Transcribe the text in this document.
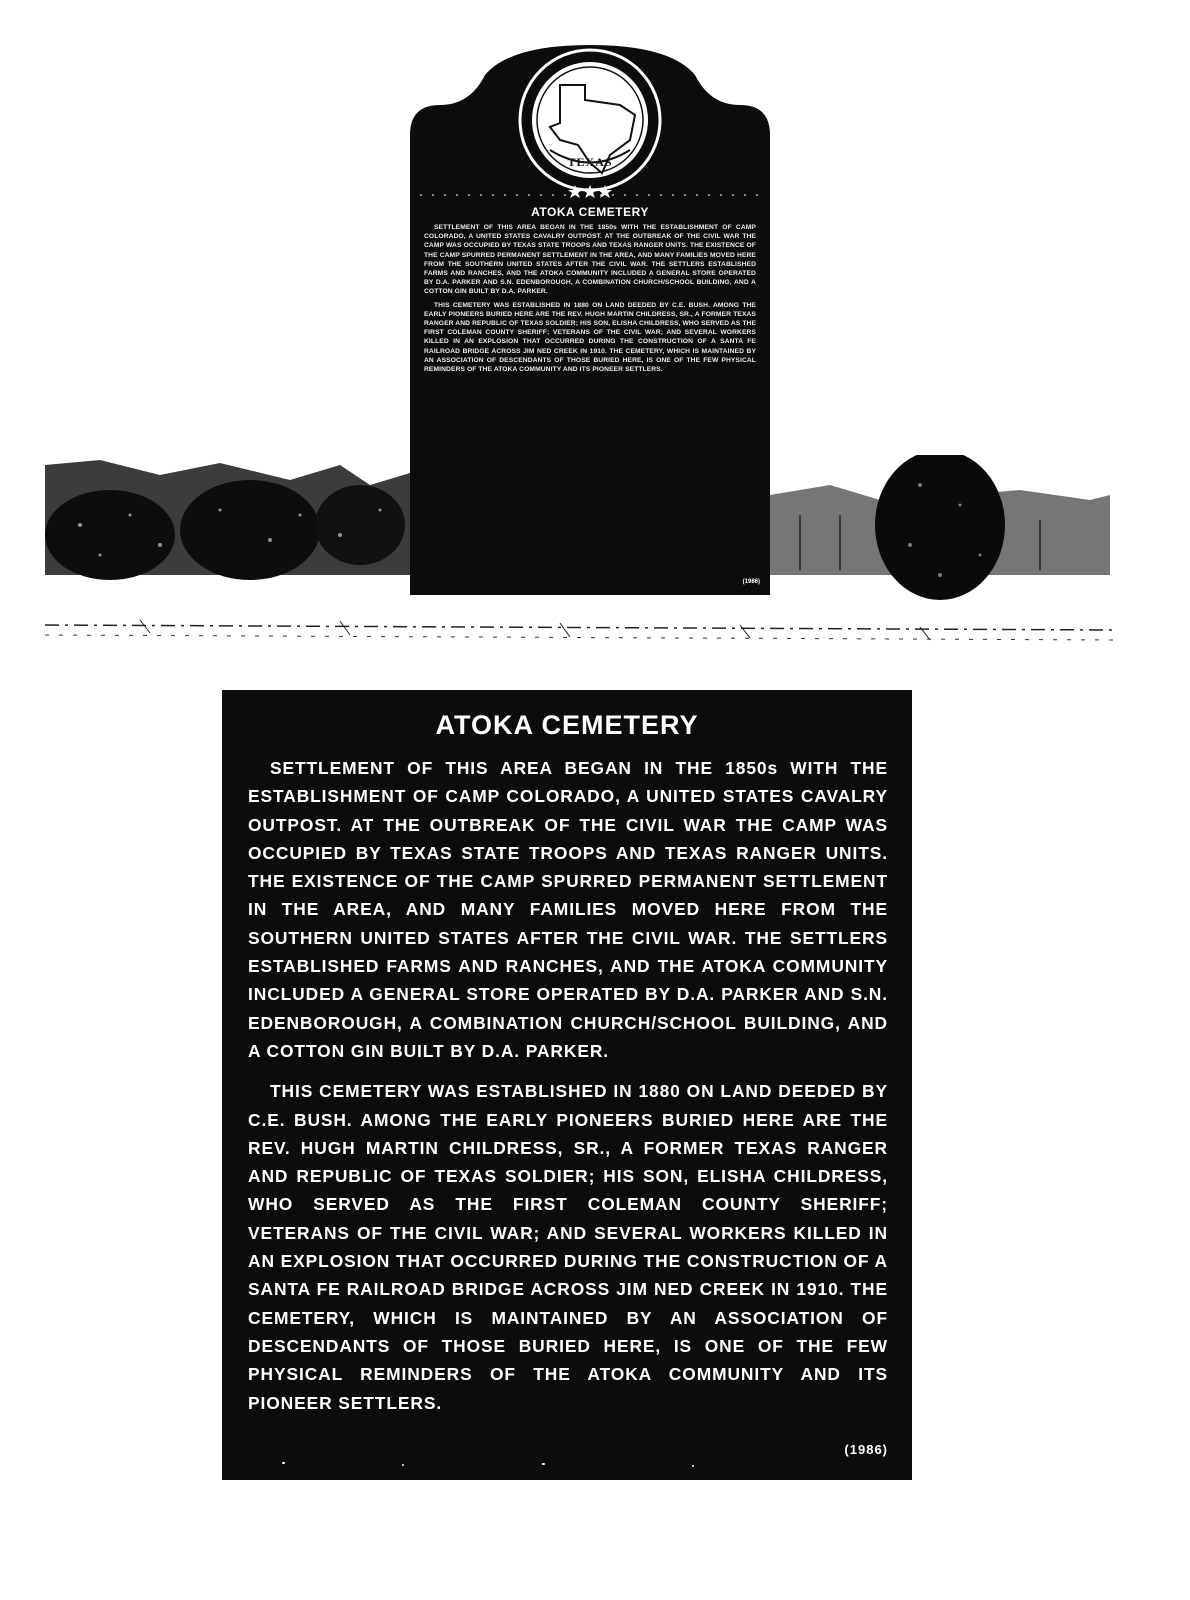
TEXAS
ATOKA CEMETERY

SETTLEMENT OF THIS AREA BEGAN IN THE 1850s WITH THE ESTABLISHMENT OF CAMP COLORADO, A UNITED STATES CAVALRY OUTPOST. AT THE OUTBREAK OF THE CIVIL WAR THE CAMP WAS OCCUPIED BY TEXAS STATE TROOPS AND TEXAS RANGER UNITS. THE EXISTENCE OF THE CAMP SPURRED PERMANENT SETTLEMENT IN THE AREA, AND MANY FAMILIES MOVED HERE FROM THE SOUTHERN UNITED STATES AFTER THE CIVIL WAR. THE SETTLERS ESTABLISHED FARMS AND RANCHES, AND THE ATOKA COMMUNITY INCLUDED A GENERAL STORE OPERATED BY D.A. PARKER AND S.N. EDENBOROUGH, A COMBINATION CHURCH/SCHOOL BUILDING, AND A COTTON GIN BUILT BY D.A. PARKER.

THIS CEMETERY WAS ESTABLISHED IN 1880 ON LAND DEEDED BY C.E. BUSH. AMONG THE EARLY PIONEERS BURIED HERE ARE THE REV. HUGH MARTIN CHILDRESS, SR., A FORMER TEXAS RANGER AND REPUBLIC OF TEXAS SOLDIER; HIS SON, ELISHA CHILDRESS, WHO SERVED AS THE FIRST COLEMAN COUNTY SHERIFF; VETERANS OF THE CIVIL WAR; AND SEVERAL WORKERS KILLED IN AN EXPLOSION THAT OCCURRED DURING THE CONSTRUCTION OF A SANTA FE RAILROAD BRIDGE ACROSS JIM NED CREEK IN 1910. THE CEMETERY, WHICH IS MAINTAINED BY AN ASSOCIATION OF DESCENDANTS OF THOSE BURIED HERE, IS ONE OF THE FEW PHYSICAL REMINDERS OF THE ATOKA COMMUNITY AND ITS PIONEER SETTLERS.

(1986)
ATOKA CEMETERY

SETTLEMENT OF THIS AREA BEGAN IN THE 1850s WITH THE ESTABLISHMENT OF CAMP COLORADO, A UNITED STATES CAVALRY OUTPOST. AT THE OUTBREAK OF THE CIVIL WAR THE CAMP WAS OCCUPIED BY TEXAS STATE TROOPS AND TEXAS RANGER UNITS. THE EXISTENCE OF THE CAMP SPURRED PERMANENT SETTLEMENT IN THE AREA, AND MANY FAMILIES MOVED HERE FROM THE SOUTHERN UNITED STATES AFTER THE CIVIL WAR. THE SETTLERS ESTABLISHED FARMS AND RANCHES, AND THE ATOKA COMMUNITY INCLUDED A GENERAL STORE OPERATED BY D.A. PARKER AND S.N. EDENBOROUGH, A COMBINATION CHURCH/SCHOOL BUILDING, AND A COTTON GIN BUILT BY D.A. PARKER.

THIS CEMETERY WAS ESTABLISHED IN 1880 ON LAND DEEDED BY C.E. BUSH. AMONG THE EARLY PIONEERS BURIED HERE ARE THE REV. HUGH MARTIN CHILDRESS, SR., A FORMER TEXAS RANGER AND REPUBLIC OF TEXAS SOLDIER; HIS SON, ELISHA CHILDRESS, WHO SERVED AS THE FIRST COLEMAN COUNTY SHERIFF; VETERANS OF THE CIVIL WAR; AND SEVERAL WORKERS KILLED IN AN EXPLOSION THAT OCCURRED DURING THE CONSTRUCTION OF A SANTA FE RAILROAD BRIDGE ACROSS JIM NED CREEK IN 1910. THE CEMETERY, WHICH IS MAINTAINED BY AN ASSOCIATION OF DESCENDANTS OF THOSE BURIED HERE, IS ONE OF THE FEW PHYSICAL REMINDERS OF THE ATOKA COMMUNITY AND ITS PIONEER SETTLERS.

(1986)
